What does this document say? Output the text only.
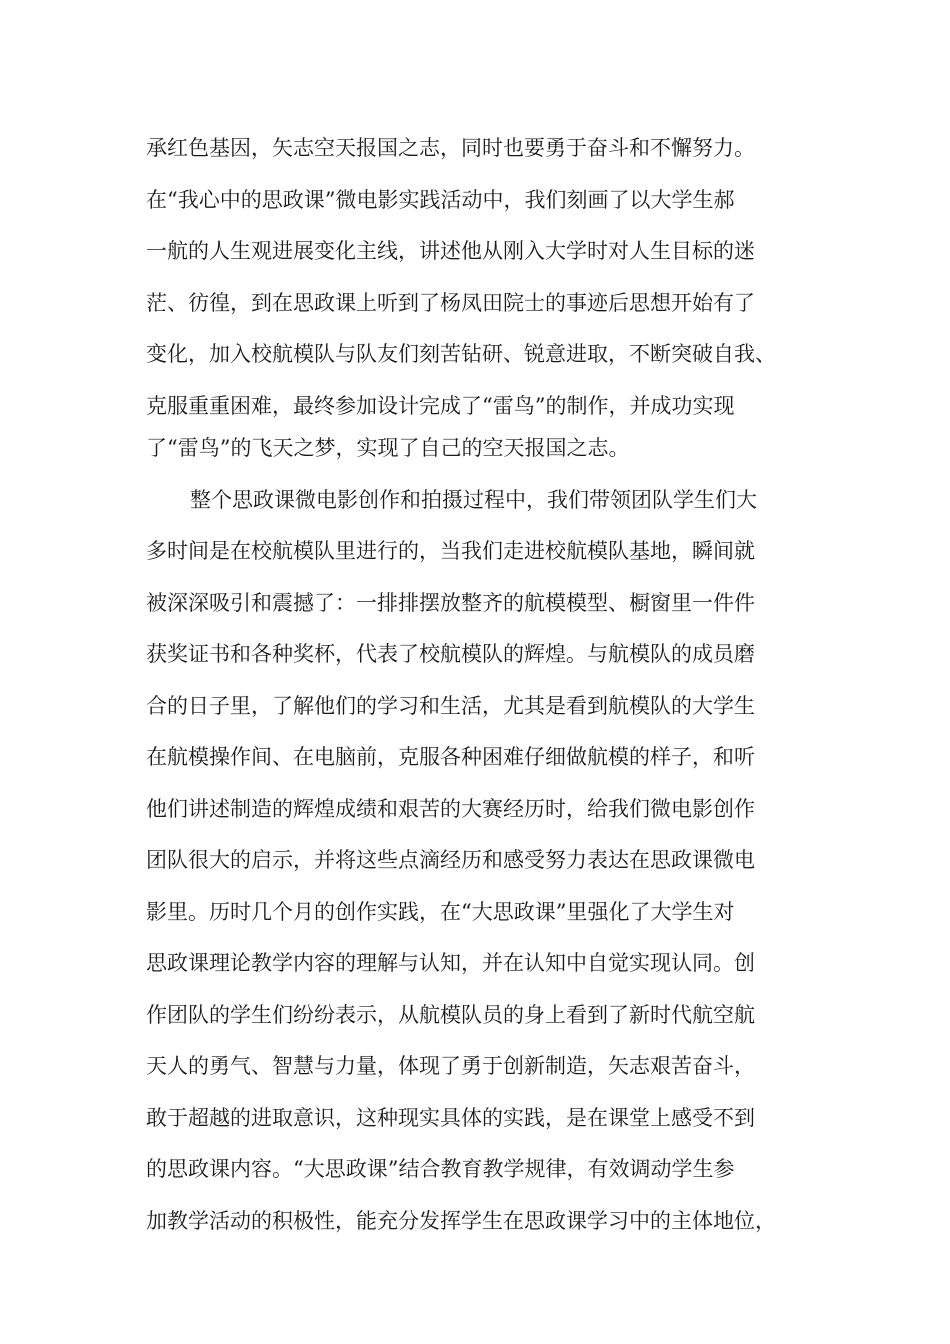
承红色基因，矢志空天报国之志，同时也要勇于奋斗和不懈努力。
在“我心中的思政课”微电影实践活动中，我们刻画了以大学生郝
一航的人生观进展变化主线，讲述他从刚入大学时对人生目标的迷
茫、彷徨，到在思政课上听到了杨凤田院士的事迹后思想开始有了
变化，加入校航模队与队友们刻苦钻研、锐意进取，不断突破自我、
克服重重困难，最终参加设计完成了“雷鸟”的制作，并成功实现
了“雷鸟”的飞天之梦，实现了自己的空天报国之志。
整个思政课微电影创作和拍摄过程中，我们带领团队学生们大
多时间是在校航模队里进行的，当我们走进校航模队基地，瞬间就
被深深吸引和震撼了：一排排摆放整齐的航模模型、橱窗里一件件
获奖证书和各种奖杯，代表了校航模队的辉煌。与航模队的成员磨
合的日子里，了解他们的学习和生活，尤其是看到航模队的大学生
在航模操作间、在电脑前，克服各种困难仔细做航模的样子，和听
他们讲述制造的辉煌成绩和艰苦的大赛经历时，给我们微电影创作
团队很大的启示，并将这些点滴经历和感受努力表达在思政课微电
影里。历时几个月的创作实践，在“大思政课”里强化了大学生对
思政课理论教学内容的理解与认知，并在认知中自觉实现认同。创
作团队的学生们纷纷表示，从航模队员的身上看到了新时代航空航
天人的勇气、智慧与力量，体现了勇于创新制造，矢志艰苦奋斗，
敢于超越的进取意识，这种现实具体的实践，是在课堂上感受不到
的思政课内容。“大思政课”结合教育教学规律，有效调动学生参
加教学活动的积极性，能充分发挥学生在思政课学习中的主体地位，
